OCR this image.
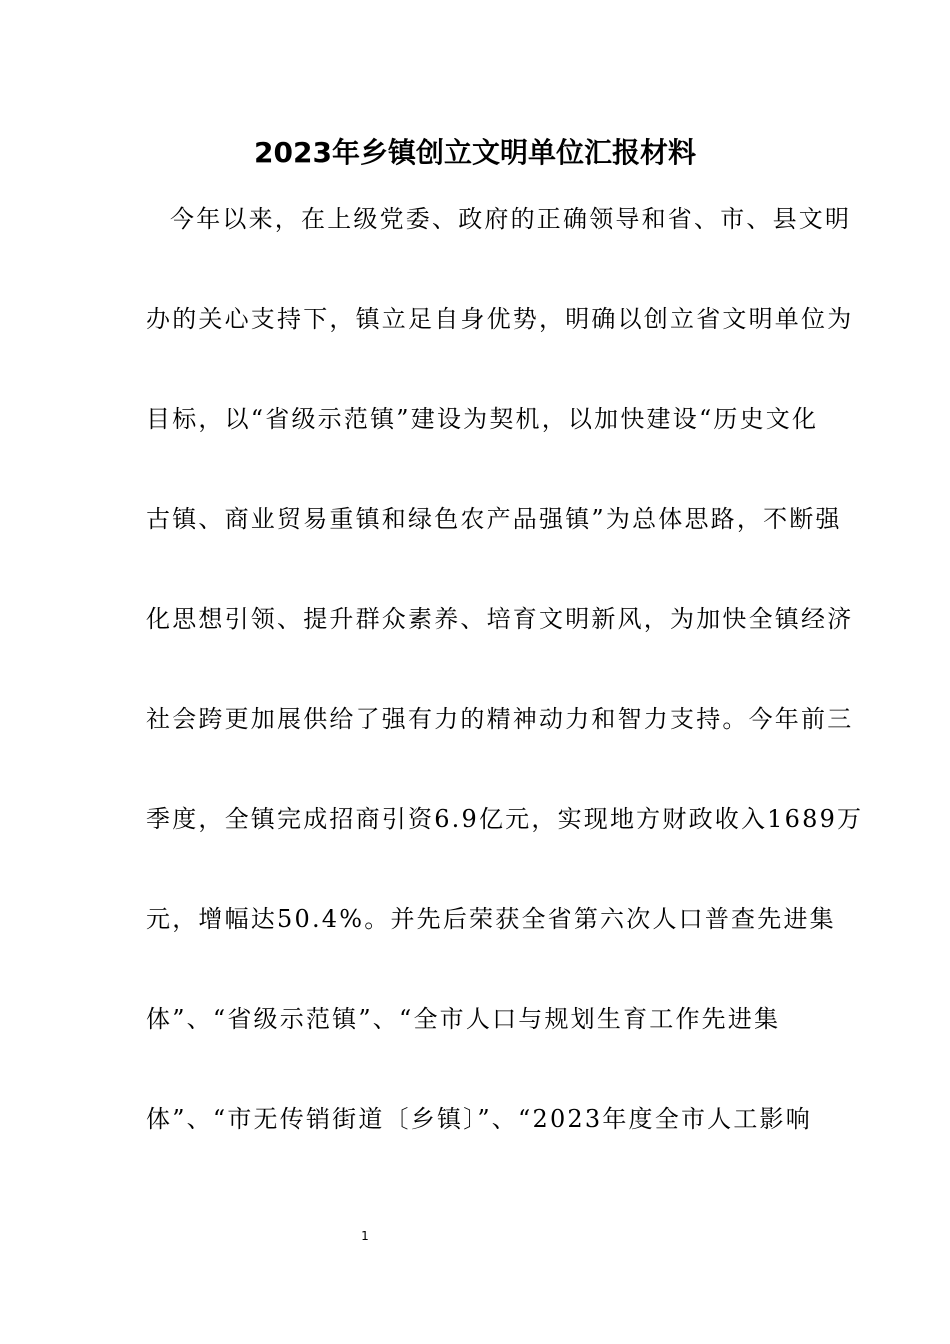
2023年乡镇创立文明单位汇报材料

今年以来，在上级党委、政府的正确领导和省、市、县文明

办的关心支持下，镇立足自身优势，明确以创立省文明单位为

目标，以“省级示范镇”建设为契机，以加快建设“历史文化

古镇、商业贸易重镇和绿色农产品强镇”为总体思路，不断强

化思想引领、提升群众素养、培育文明新风，为加快全镇经济

社会跨更加展供给了强有力的精神动力和智力支持。今年前三

季度，全镇完成招商引资6.9亿元，实现地方财政收入1689万

元，增幅达50.4%。并先后荣获全省第六次人口普查先进集

体”、“省级示范镇”、“全市人口与规划生育工作先进集

体”、“市无传销街道〔乡镇〕”、“2023年度全市人工影响

1
